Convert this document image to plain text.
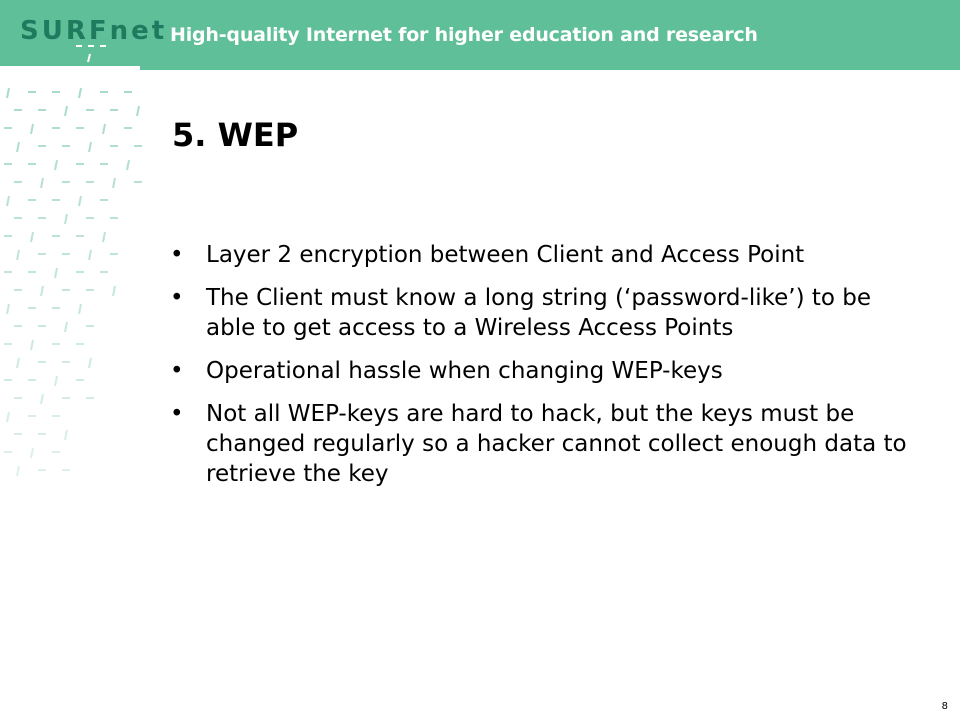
SURFnet High-quality Internet for higher education and research
5. WEP
• Layer 2 encryption between Client and Access Point
• The Client must know a long string (‘password-like’) to be able to get access to a Wireless Access Points
• Operational hassle when changing WEP-keys
• Not all WEP-keys are hard to hack, but the keys must be changed regularly so a hacker cannot collect enough data to retrieve the key
8
